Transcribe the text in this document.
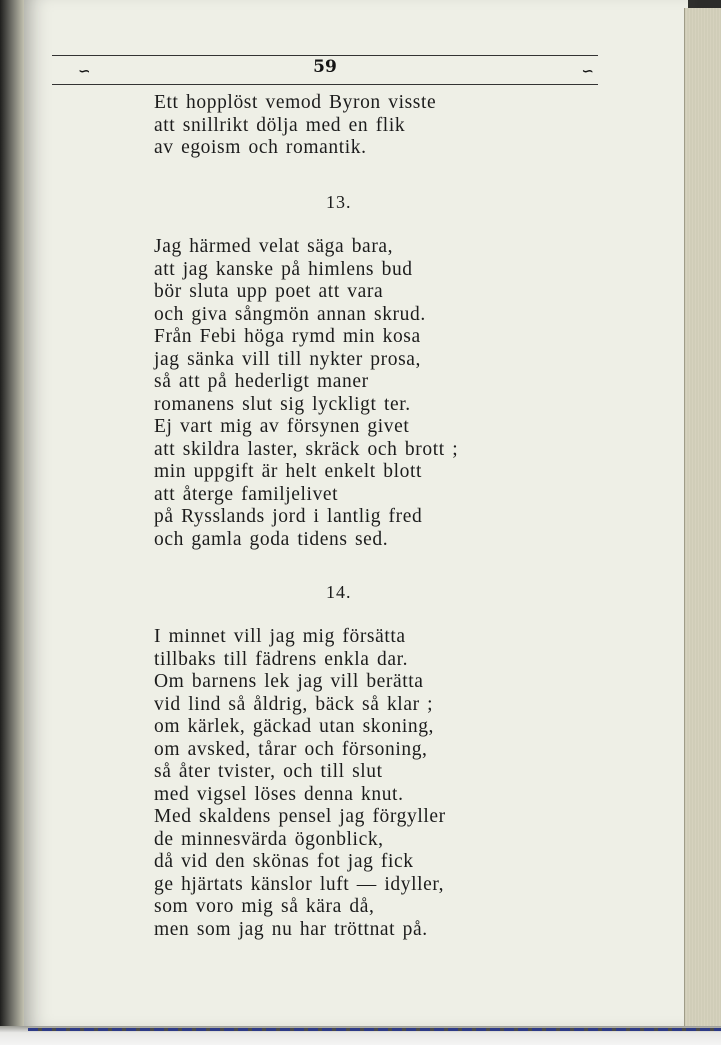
∽	59	∽
Ett hopplöst vemod Byron visste
att snillrikt dölja med en flik
av egoism och romantik.
13.
Jag härmed velat säga bara,
att jag kanske på himlens bud
bör sluta upp poet att vara
och giva sångmön annan skrud.
Från Febi höga rymd min kosa
jag sänka vill till nykter prosa,
så att på hederligt maner
romanens slut sig lyckligt ter.
Ej vart mig av försynen givet
att skildra laster, skräck och brott ;
min uppgift är helt enkelt blott
att återge familjelivet
på Rysslands jord i lantlig fred
och gamla goda tidens sed.
14.
I minnet vill jag mig försätta
tillbaks till fädrens enkla dar.
Om barnens lek jag vill berätta
vid lind så åldrig, bäck så klar ;
om kärlek, gäckad utan skoning,
om avsked, tårar och försoning,
så åter tvister, och till slut
med vigsel löses denna knut.
Med skaldens pensel jag förgyller
de minnesvärda ögonblick,
då vid den skönas fot jag fick
ge hjärtats känslor luft — idyller,
som voro mig så kära då,
men som jag nu har tröttnat på.
